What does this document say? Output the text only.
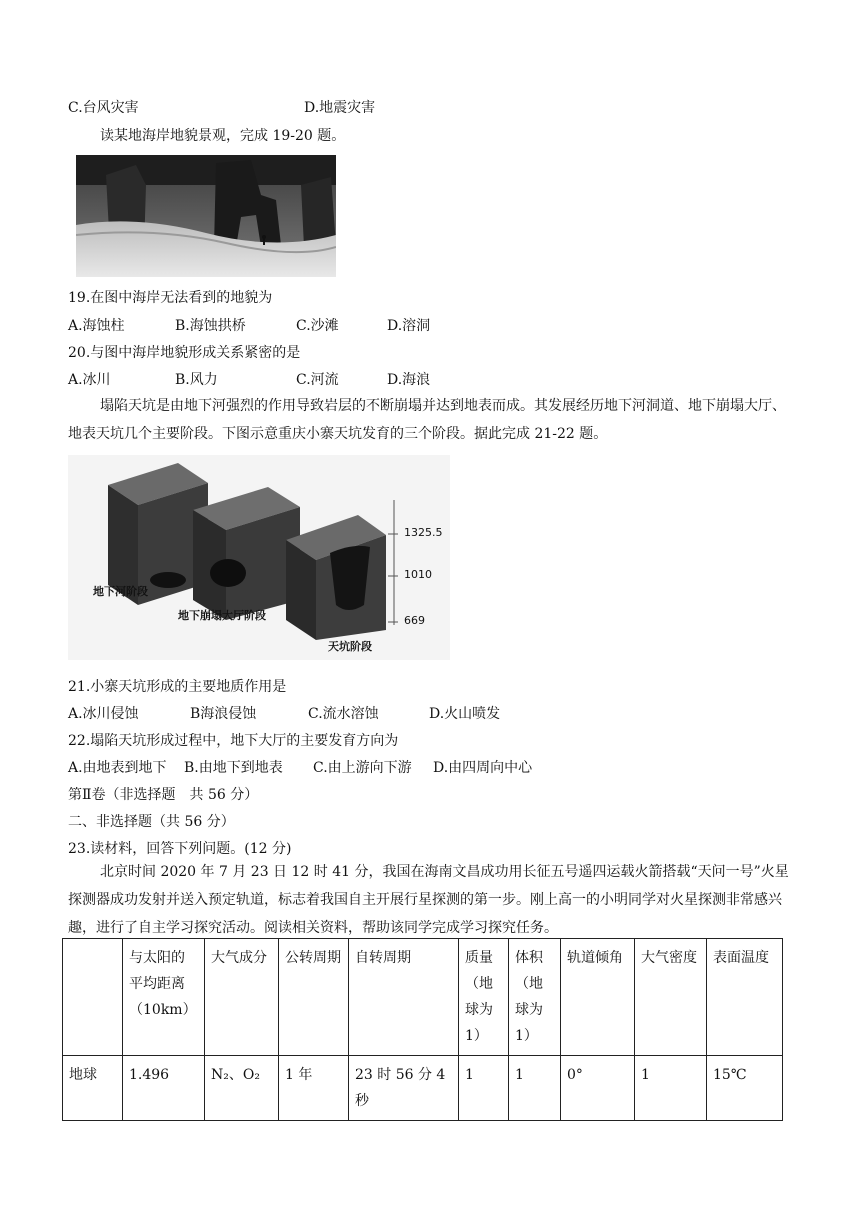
C.台风灾害	D.地震灾害
读某地海岸地貌景观，完成 19-20 题。
19.在图中海岸无法看到的地貌为
A.海蚀柱	B.海蚀拱桥	C.沙滩	D.溶洞
20.与图中海岸地貌形成关系紧密的是
A.冰川	B.风力	C.河流	D.海浪
塌陷天坑是由地下河强烈的作用导致岩层的不断崩塌并达到地表而成。其发展经历地下河洞道、地下崩塌大厅、地表天坑几个主要阶段。下图示意重庆小寨天坑发育的三个阶段。据此完成 21-22 题。
地下河阶段
地下崩塌大厅阶段
天坑阶段
1325.5
1010
669
21.小寨天坑形成的主要地质作用是
A.冰川侵蚀	B海浪侵蚀	C.流水溶蚀	D.火山喷发
22.塌陷天坑形成过程中，地下大厅的主要发育方向为
A.由地表到地下 B.由地下到地表 C.由上游向下游 D.由四周向中心
第Ⅱ卷（非选择题　共 56 分）
二、非选择题（共 56 分）
23.读材料，回答下列问题。(12 分)
北京时间 2020 年 7 月 23 日 12 时 41 分，我国在海南文昌成功用长征五号遥四运载火箭搭载“天问一号”火星探测器成功发射并送入预定轨道，标志着我国自主开展行星探测的第一步。刚上高一的小明同学对火星探测非常感兴趣，进行了自主学习探究活动。阅读相关资料，帮助该同学完成学习探究任务。
	与太阳的平均距离（10km）	大气成分	公转周期	自转周期	质量（地球为1）	体积（地球为1）	轨道倾角	大气密度	表面温度
地球	1.496	N₂、O₂	1 年	23 时 56 分 4 秒	1	1	0°	1	15℃
